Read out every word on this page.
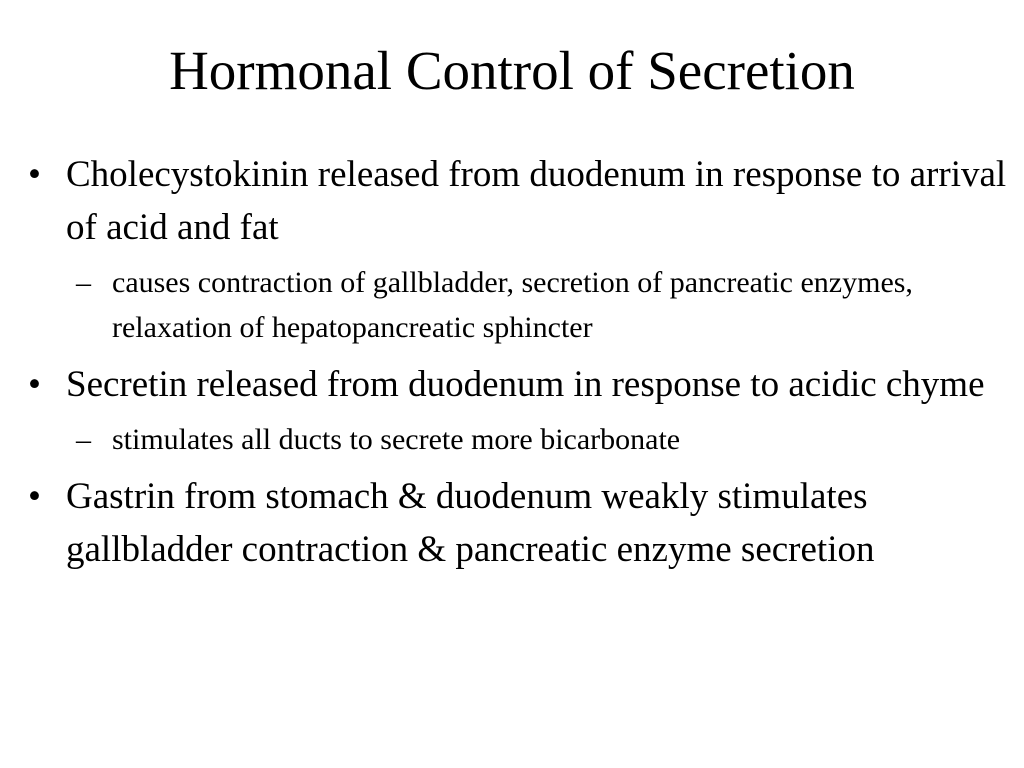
Hormonal Control of Secretion
• Cholecystokinin released from duodenum in response to arrival of acid and fat
– causes contraction of gallbladder, secretion of pancreatic enzymes, relaxation of hepatopancreatic sphincter
• Secretin released from duodenum in response to acidic chyme
– stimulates all ducts to secrete more bicarbonate
• Gastrin from stomach & duodenum weakly stimulates gallbladder contraction & pancreatic enzyme secretion
